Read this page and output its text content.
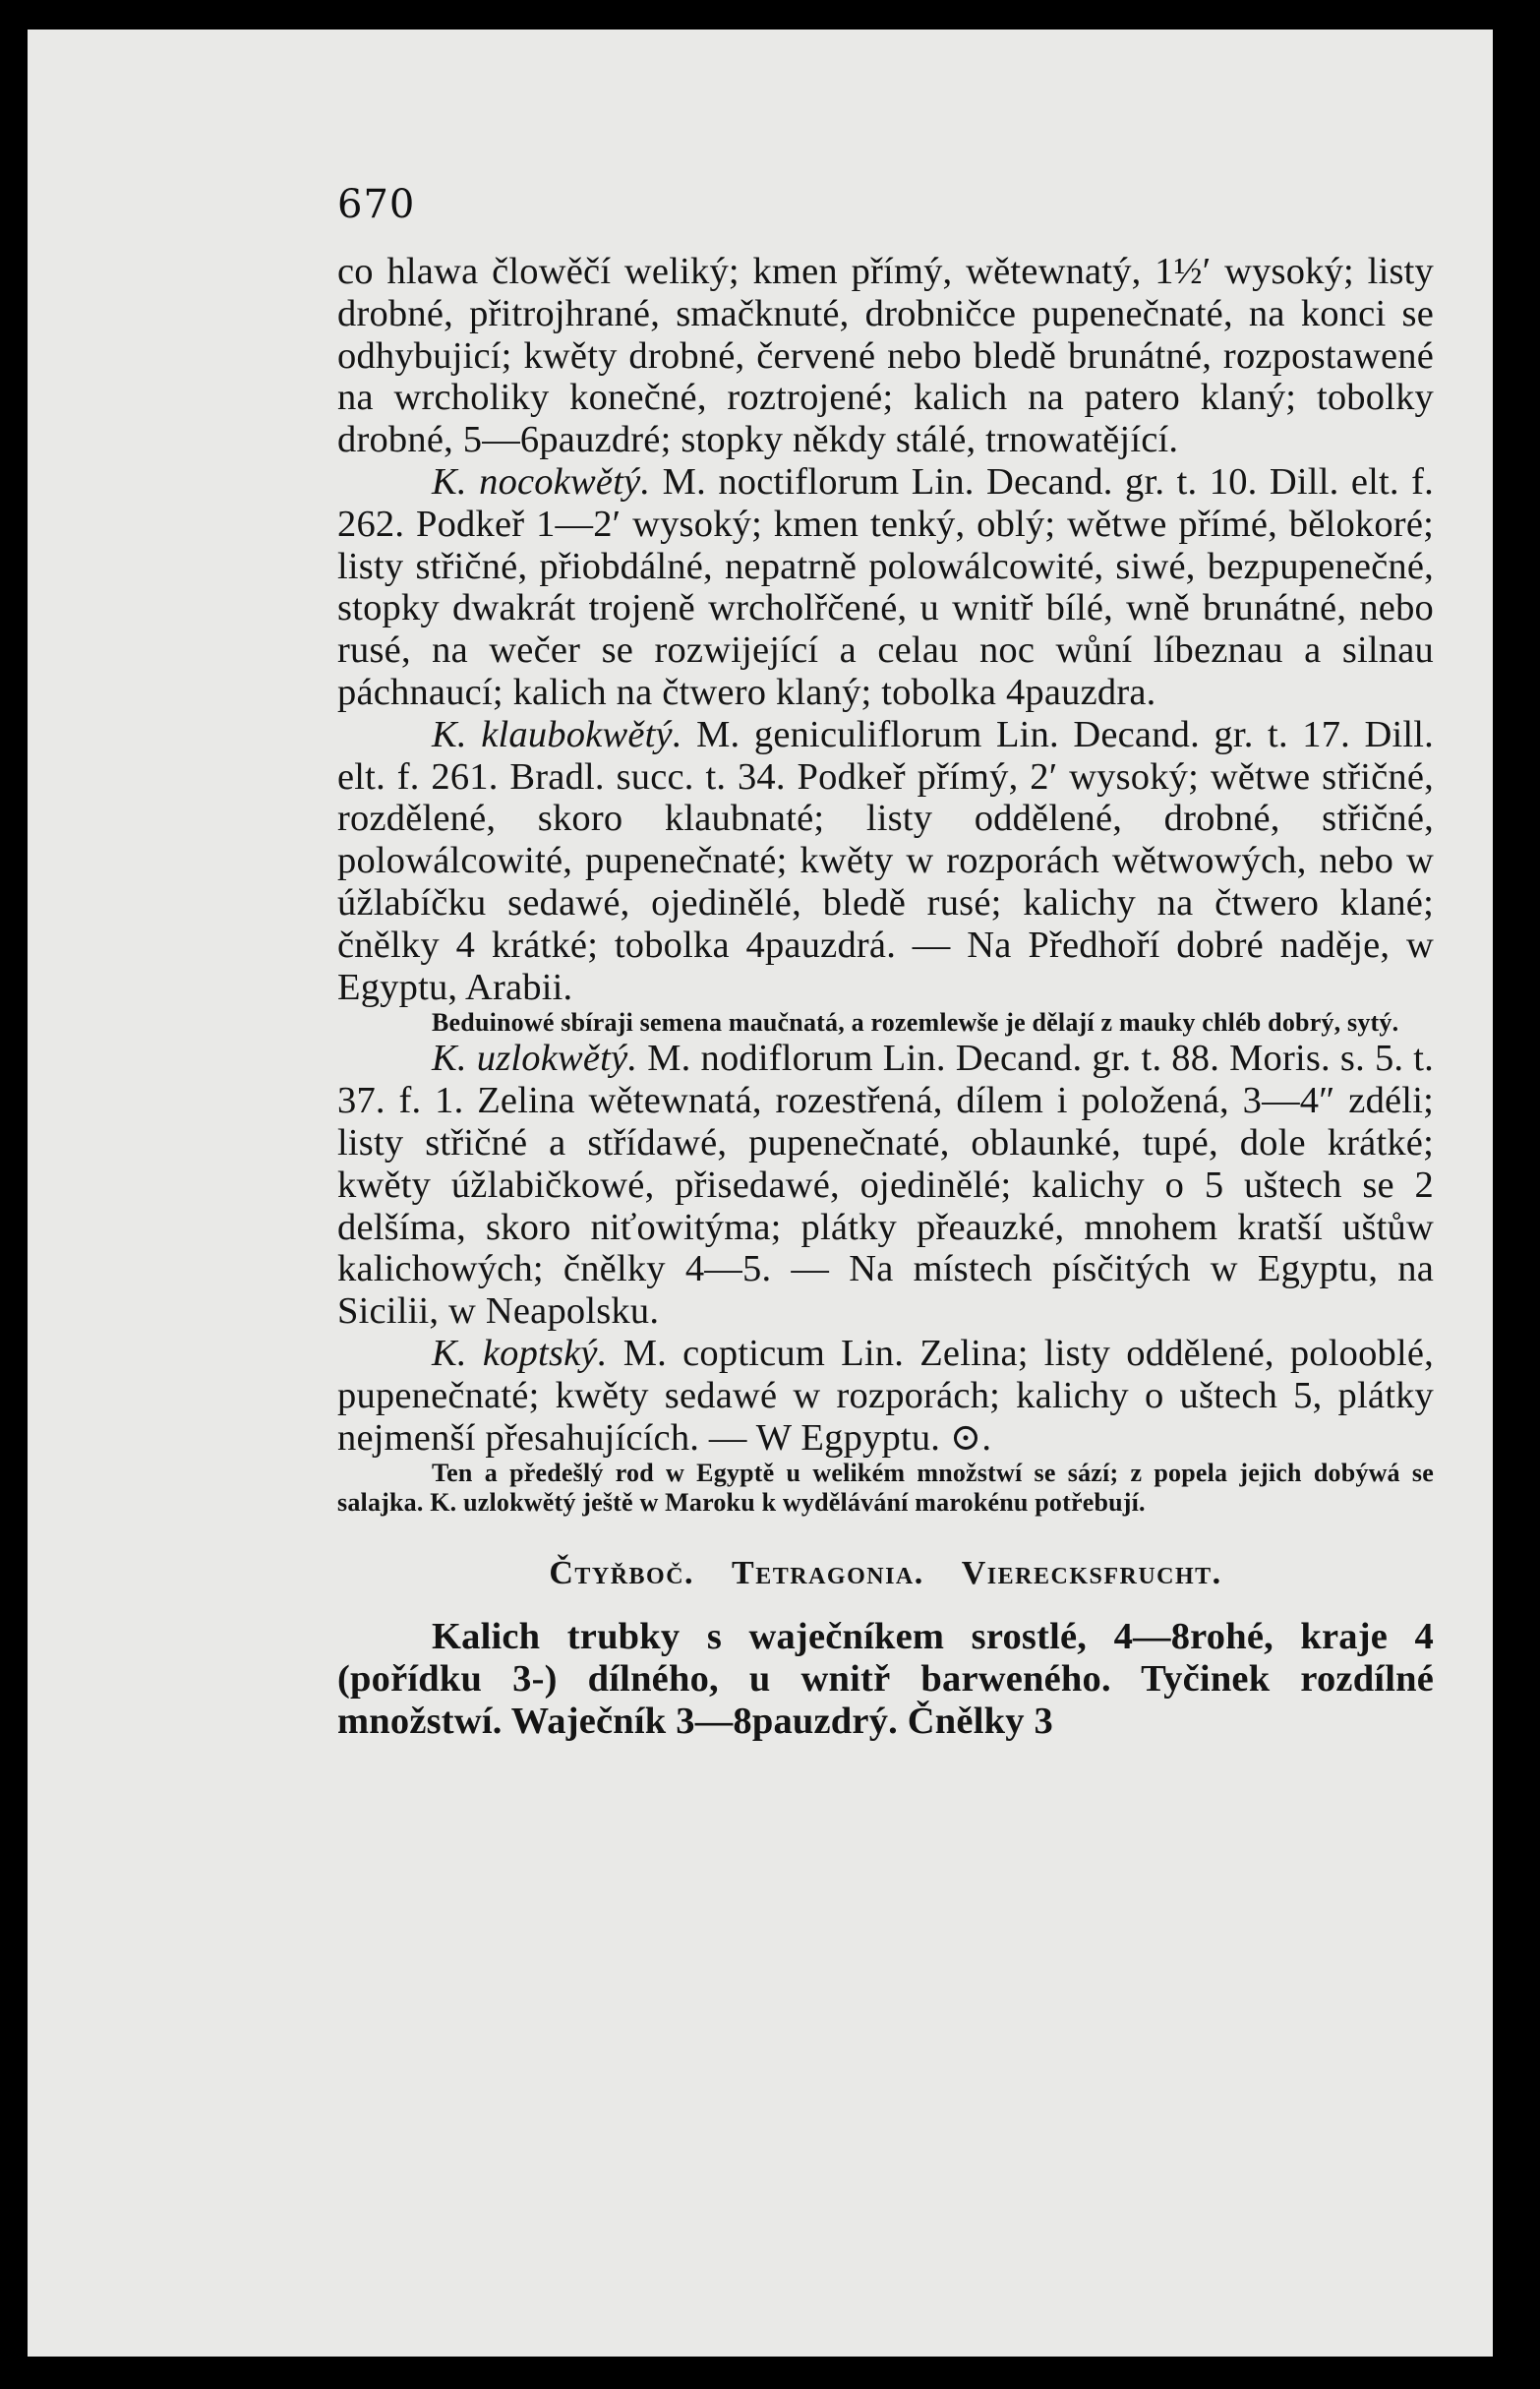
670

co hlawa člowěčí weliký; kmen přímý, wětewnatý, 1½′ wysoký; listy drobné, přitrojhrané, smačknuté, drobničce pupenečnaté, na konci se odhybujicí; kwěty drobné, červené nebo bledě brunátné, rozpostawené na wrcholiky konečné, roztrojené; kalich na patero klaný; tobolky drobné, 5—6pauzdré; stopky někdy stálé, trnowatějící.

K. nocokwětý. M. noctiflorum Lin. Decand. gr. t. 10. Dill. elt. f. 262. Podkeř 1—2′ wysoký; kmen tenký, oblý; wětwe přímé, bělokoré; listy střičné, přiobdálné, nepatrně polowálcowité, siwé, bezpupenečné, stopky dwakrát trojeně wrcholřčené, u wnitř bílé, wně brunátné, nebo rusé, na wečer se rozwijející a celau noc wůní líbeznau a silnau páchnaucí; kalich na čtwero klaný; tobolka 4pauzdra.

K. klaubokwětý. M. geniculiflorum Lin. Decand. gr. t. 17. Dill. elt. f. 261. Bradl. succ. t. 34. Podkeř přímý, 2′ wysoký; wětwe střičné, rozdělené, skoro klaubnaté; listy oddělené, drobné, střičné, polowálcowité, pupenečnaté; kwěty w rozporách wětwowých, nebo w úžlabíčku sedawé, ojedinělé, bledě rusé; kalichy na čtwero klané; čnělky 4 krátké; tobolka 4pauzdrá. — Na Předhoří dobré naděje, w Egyptu, Arabii.

Beduinowé sbíraji semena maučnatá, a rozemlewše je dělají z mauky chléb dobrý, sytý.

K. uzlokwětý. M. nodiflorum Lin. Decand. gr. t. 88. Moris. s. 5. t. 37. f. 1. Zelina wětewnatá, rozestřená, dílem i položená, 3—4″ zdéli; listy střičné a střídawé, pupenečnaté, oblaunké, tupé, dole krátké; kwěty úžlabičkowé, přisedawé, ojedinělé; kalichy o 5 uštech se 2 delšíma, skoro niťowitýma; plátky přeauzké, mnohem kratší uštůw kalichowých; čnělky 4—5. — Na místech písčitých w Egyptu, na Sicilii, w Neapolsku.

K. koptský. M. copticum Lin. Zelina; listy oddělené, polooblé, pupenečnaté; kwěty sedawé w rozporách; kalichy o uštech 5, plátky nejmenší přesahujících. — W Egpyptu. ⊙.

Ten a předešlý rod w Egyptě u welikém množstwí se sází; z popela jejich dobýwá se salajka. K. uzlokwětý ještě w Maroku k wydělávání marokénu potřebují.

Čtyřboč. Tetragonia. Vierecksfrucht.

Kalich trubky s waječníkem srostlé, 4—8rohé, kraje 4 (pořídku 3-) dílného, u wnitř barweného. Tyčinek rozdílné množstwí. Waječník 3—8pauzdrý. Čnělky 3
